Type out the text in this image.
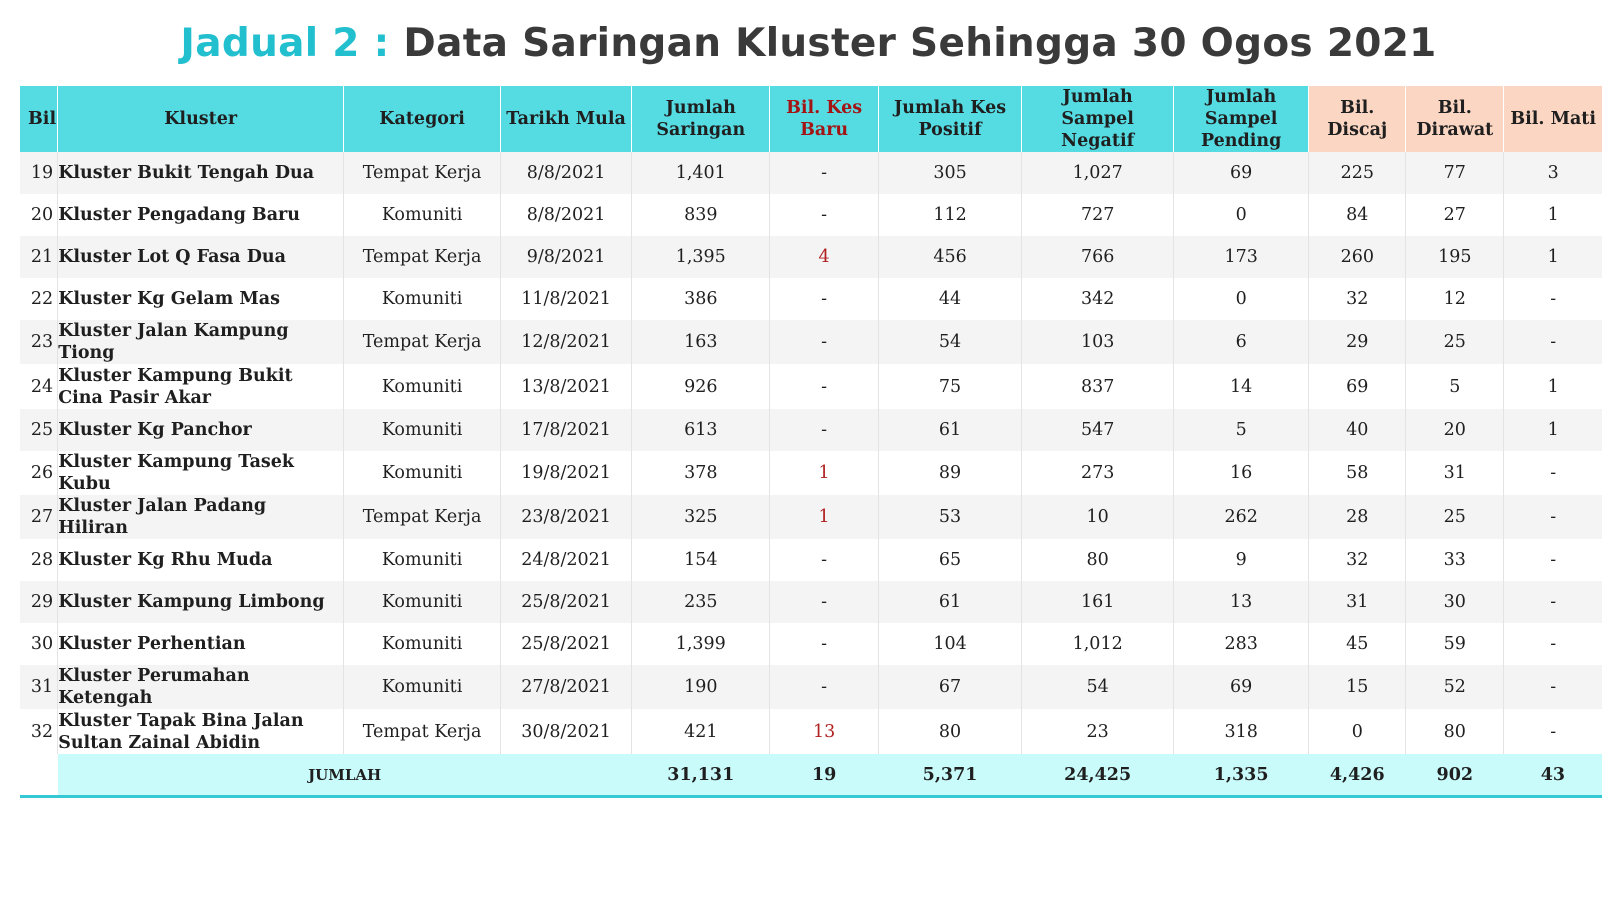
Jadual 2 : Data Saringan Kluster Sehingga 30 Ogos 2021
Bil	Kluster	Kategori	Tarikh Mula	Jumlah Saringan	Bil. Kes Baru	Jumlah Kes Positif	Jumlah Sampel Negatif	Jumlah Sampel Pending	Bil. Discaj	Bil. Dirawat	Bil. Mati
19	Kluster Bukit Tengah Dua	Tempat Kerja	8/8/2021	1,401	-	305	1,027	69	225	77	3
20	Kluster Pengadang Baru	Komuniti	8/8/2021	839	-	112	727	0	84	27	1
21	Kluster Lot Q Fasa Dua	Tempat Kerja	9/8/2021	1,395	4	456	766	173	260	195	1
22	Kluster Kg Gelam Mas	Komuniti	11/8/2021	386	-	44	342	0	32	12	-
23	Kluster Jalan Kampung Tiong	Tempat Kerja	12/8/2021	163	-	54	103	6	29	25	-
24	Kluster Kampung Bukit Cina Pasir Akar	Komuniti	13/8/2021	926	-	75	837	14	69	5	1
25	Kluster Kg Panchor	Komuniti	17/8/2021	613	-	61	547	5	40	20	1
26	Kluster Kampung Tasek Kubu	Komuniti	19/8/2021	378	1	89	273	16	58	31	-
27	Kluster Jalan Padang Hiliran	Tempat Kerja	23/8/2021	325	1	53	10	262	28	25	-
28	Kluster Kg Rhu Muda	Komuniti	24/8/2021	154	-	65	80	9	32	33	-
29	Kluster Kampung Limbong	Komuniti	25/8/2021	235	-	61	161	13	31	30	-
30	Kluster Perhentian	Komuniti	25/8/2021	1,399	-	104	1,012	283	45	59	-
31	Kluster Perumahan Ketengah	Komuniti	27/8/2021	190	-	67	54	69	15	52	-
32	Kluster Tapak Bina Jalan Sultan Zainal Abidin	Tempat Kerja	30/8/2021	421	13	80	23	318	0	80	-
	JUMLAH			31,131	19	5,371	24,425	1,335	4,426	902	43
